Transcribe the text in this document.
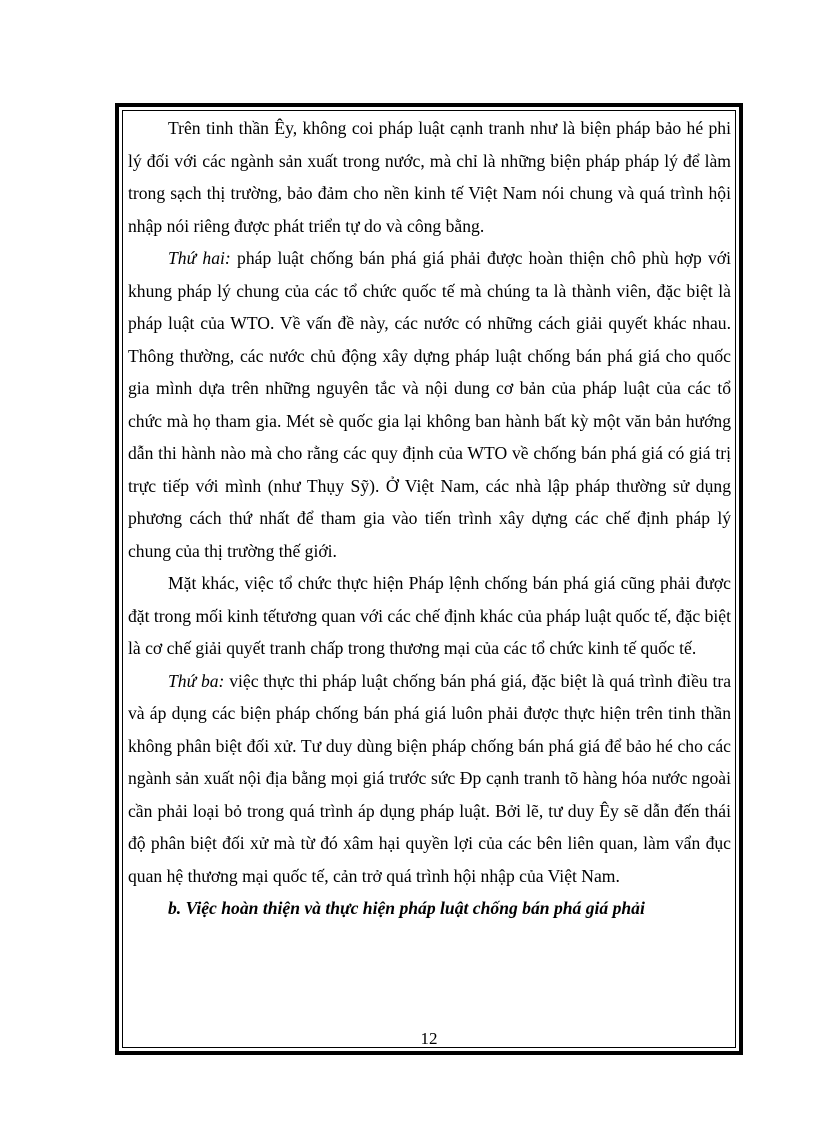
Trên tinh thần Êy, không coi pháp luật cạnh tranh như là biện pháp bảo hé phi lý đối với các ngành sản xuất trong nước, mà chỉ là những biện pháp pháp lý để làm trong sạch thị trường, bảo đảm cho nền kinh tế Việt Nam nói chung và quá trình hội nhập nói riêng được phát triển tự do và công bằng.

Thứ hai: pháp luật chống bán phá giá phải được hoàn thiện chô phù hợp với khung pháp lý chung của các tổ chức quốc tế mà chúng ta là thành viên, đặc biệt là pháp luật của WTO. Về vấn đề này, các nước có những cách giải quyết khác nhau. Thông thường, các nước chủ động xây dựng pháp luật chống bán phá giá cho quốc gia mình dựa trên những nguyên tắc và nội dung cơ bản của pháp luật của các tổ chức mà họ tham gia. Mét sè quốc gia lại không ban hành bất kỳ một văn bản hướng dẫn thi hành nào mà cho rằng các quy định của WTO về chống bán phá giá có giá trị trực tiếp với mình (như Thụy Sỹ). Ở Việt Nam, các nhà lập pháp thường sử dụng phương cách thứ nhất để tham gia vào tiến trình xây dựng các chế định pháp lý chung của thị trường thế giới.

Mặt khác, việc tổ chức thực hiện Pháp lệnh chống bán phá giá cũng phải được đặt trong mối kinh tếtương quan với các chế định khác của pháp luật quốc tế, đặc biệt là cơ chế giải quyết tranh chấp trong thương mại của các tổ chức kinh tế quốc tế.

Thứ ba: việc thực thi pháp luật chống bán phá giá, đặc biệt là quá trình điều tra và áp dụng các biện pháp chống bán phá giá luôn phải được thực hiện trên tinh thần không phân biệt đối xử. Tư duy dùng biện pháp chống bán phá giá để bảo hé cho các ngành sản xuất nội địa bằng mọi giá trước sức Ðp cạnh tranh tõ hàng hóa nước ngoài cần phải loại bỏ trong quá trình áp dụng pháp luật. Bởi lẽ, tư duy Êy sẽ dẫn đến thái độ phân biệt đối xử mà từ đó xâm hại quyền lợi của các bên liên quan, làm vẩn đục quan hệ thương mại quốc tế, cản trở quá trình hội nhập của Việt Nam.

b. Việc hoàn thiện và thực hiện pháp luật chống bán phá giá phải

12
